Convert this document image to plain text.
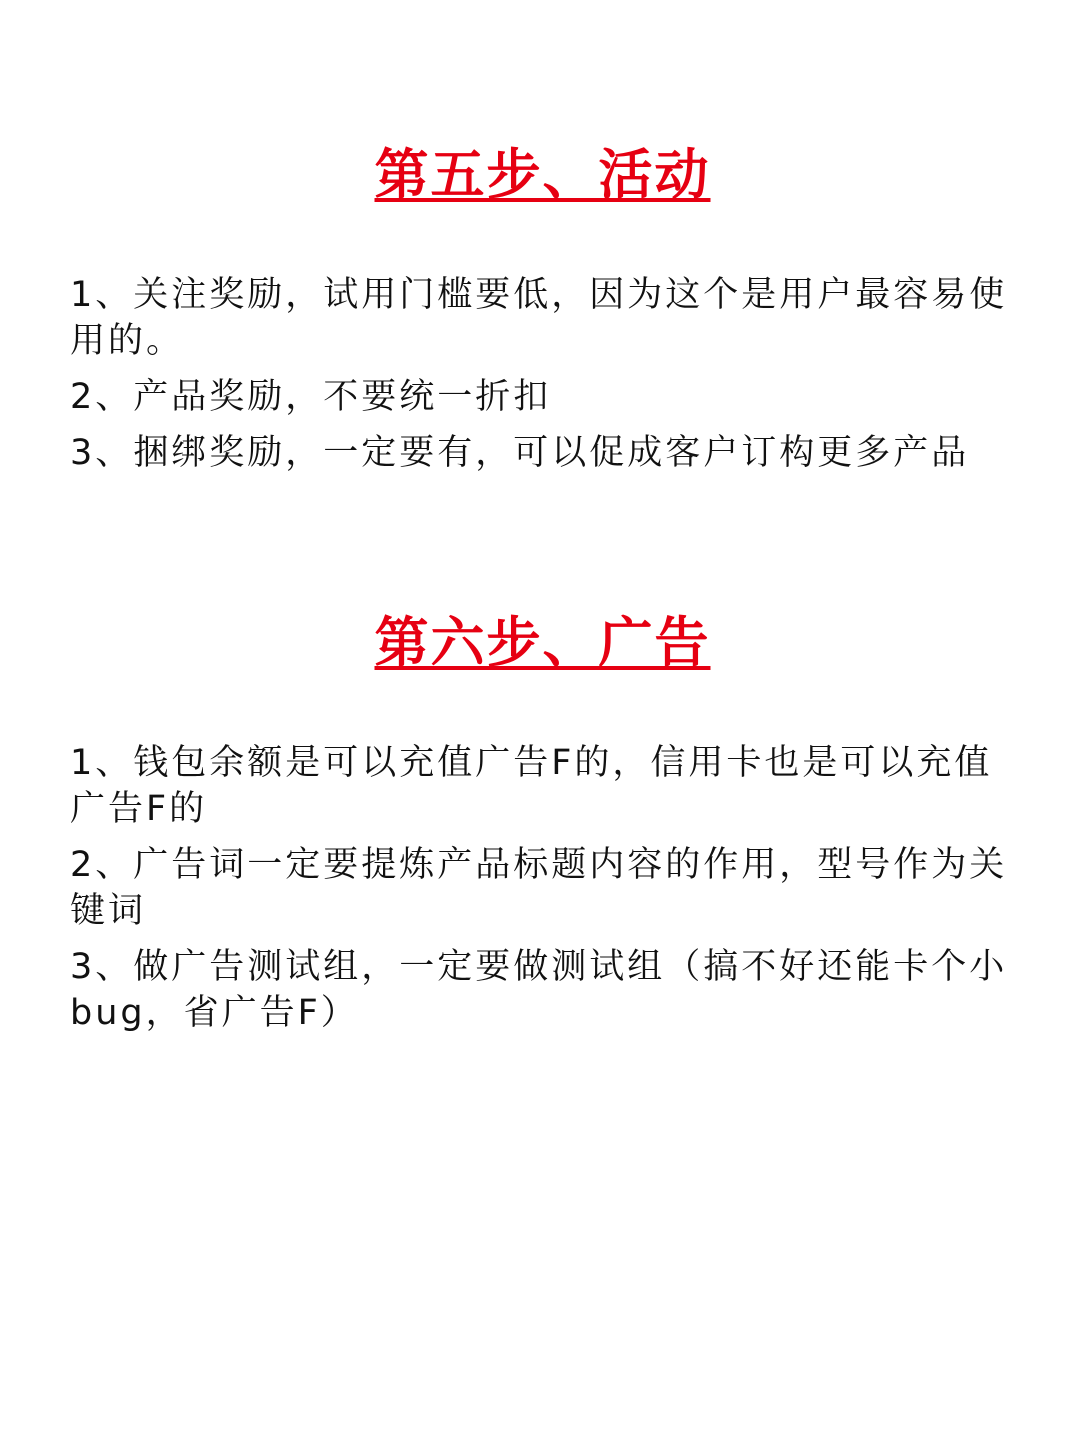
第五步、活动
1、关注奖励，试用门槛要低，因为这个是用户最容易使用的。
2、产品奖励，不要统一折扣
3、捆绑奖励，一定要有，可以促成客户订构更多产品
第六步、广告
1、钱包余额是可以充值广告F的，信用卡也是可以充值广告F的
2、广告词一定要提炼产品标题内容的作用，型号作为关键词
3、做广告测试组，一定要做测试组（搞不好还能卡个小bug，省广告F）
